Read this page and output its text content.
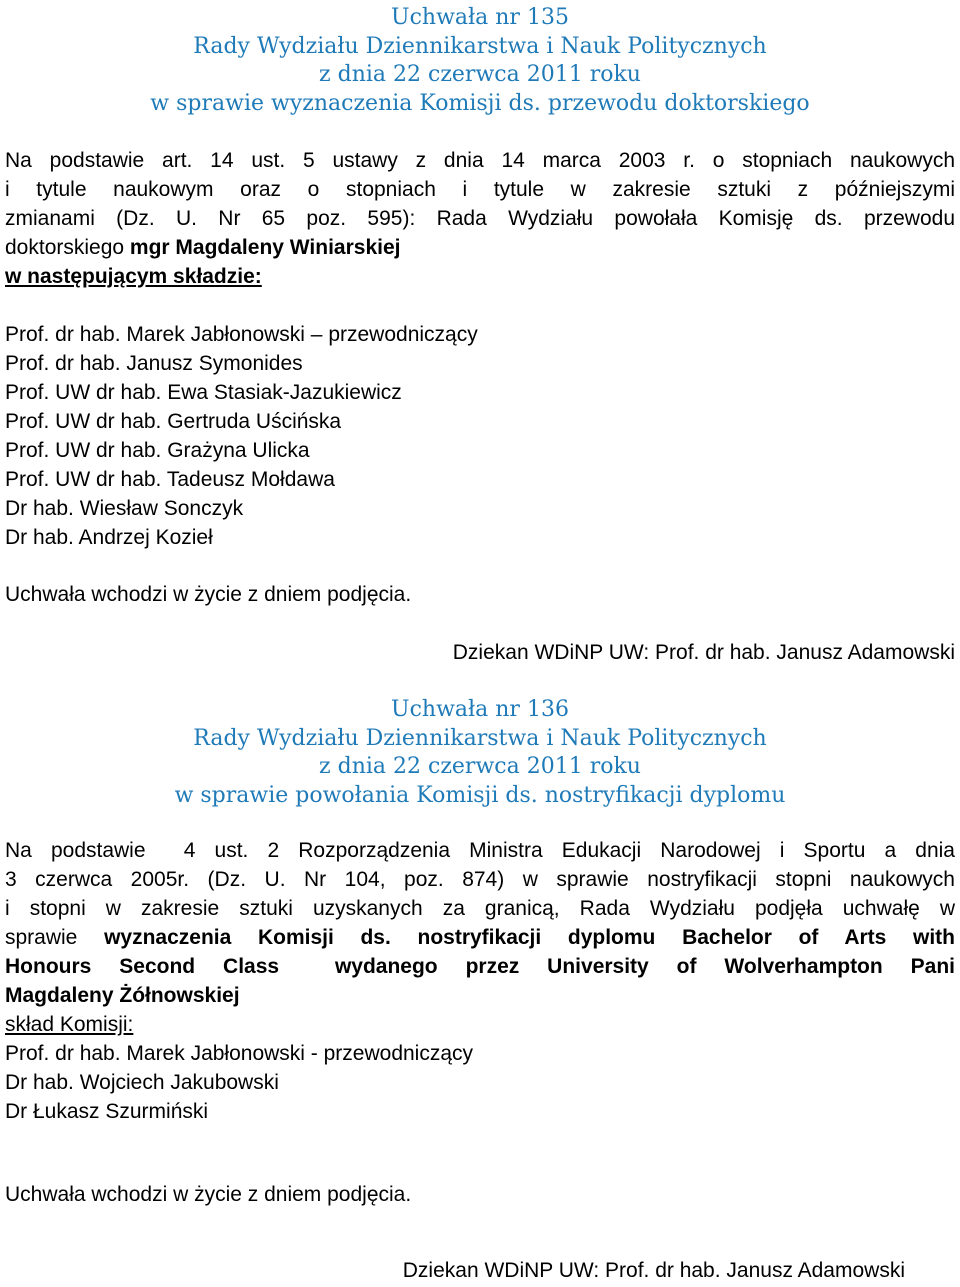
Uchwała nr 135
Rady Wydziału Dziennikarstwa i Nauk Politycznych
z dnia 22 czerwca 2011 roku
w sprawie wyznaczenia Komisji ds. przewodu doktorskiego
Na podstawie art. 14 ust. 5 ustawy z dnia 14 marca 2003 r. o stopniach naukowych
i tytule naukowym oraz o stopniach i tytule w zakresie sztuki z późniejszymi
zmianami (Dz. U. Nr 65 poz. 595): Rada Wydziału powołała Komisję ds. przewodu
doktorskiego mgr Magdaleny Winiarskiej
w następującym składzie:
Prof. dr hab. Marek Jabłonowski – przewodniczący
Prof. dr hab. Janusz Symonides
Prof. UW dr hab. Ewa Stasiak-Jazukiewicz
Prof. UW dr hab. Gertruda Uścińska
Prof. UW dr hab. Grażyna Ulicka
Prof. UW dr hab. Tadeusz Mołdawa
Dr hab. Wiesław Sonczyk
Dr hab. Andrzej Kozieł
Uchwała wchodzi w życie z dniem podjęcia.
Dziekan WDiNP UW: Prof. dr hab. Janusz Adamowski
Uchwała nr 136
Rady Wydziału Dziennikarstwa i Nauk Politycznych
z dnia 22 czerwca 2011 roku
w sprawie powołania Komisji ds. nostryfikacji dyplomu
Na podstawie  4 ust. 2 Rozporządzenia Ministra Edukacji Narodowej i Sportu a dnia
3 czerwca 2005r. (Dz. U. Nr 104, poz. 874) w sprawie nostryfikacji stopni naukowych
i stopni w zakresie sztuki uzyskanych za granicą, Rada Wydziału podjęła uchwałę w
sprawie wyznaczenia Komisji ds. nostryfikacji dyplomu Bachelor of Arts with
Honours Second Class  wydanego przez University of Wolverhampton Pani
Magdaleny Żółnowskiej
skład Komisji:
Prof. dr hab. Marek Jabłonowski - przewodniczący
Dr hab. Wojciech Jakubowski
Dr Łukasz Szurmiński
Uchwała wchodzi w życie z dniem podjęcia.
Dziekan WDiNP UW: Prof. dr hab. Janusz Adamowski
